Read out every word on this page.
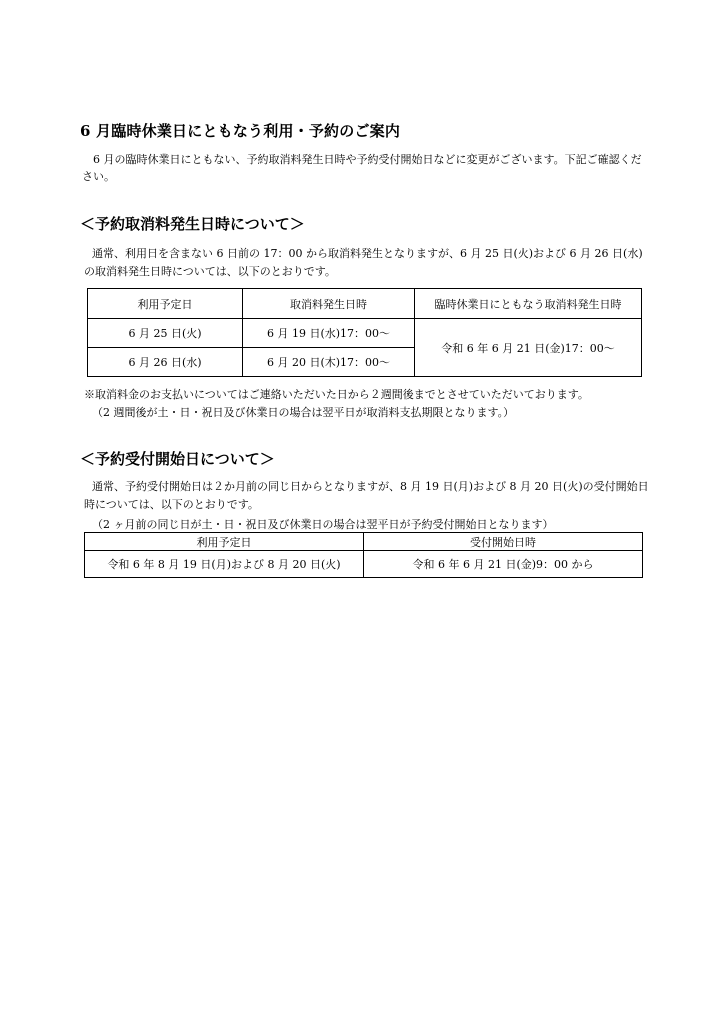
6 月臨時休業日にともなう利用・予約のご案内
6 月の臨時休業日にともない、予約取消料発生日時や予約受付開始日などに変更がございます。下記ご確認ください。
＜予約取消料発生日時について＞
通常、利用日を含まない 6 日前の 17：00 から取消料発生となりますが、6 月 25 日(火)および 6 月 26 日(水)の取消料発生日時については、以下のとおりです。
利用予定日	取消料発生日時	臨時休業日にともなう取消料発生日時
6 月 25 日(火)	6 月 19 日(水)17：00～	令和 6 年 6 月 21 日(金)17：00～
6 月 26 日(水)	6 月 20 日(木)17：00～	
※取消料金のお支払いについてはご連絡いただいた日から２週間後までとさせていただいております。
（2 週間後が土・日・祝日及び休業日の場合は翌平日が取消料支払期限となります。）
＜予約受付開始日について＞
通常、予約受付開始日は２か月前の同じ日からとなりますが、8 月 19 日(月)および 8 月 20 日(火)の受付開始日時については、以下のとおりです。
（2 ヶ月前の同じ日が土・日・祝日及び休業日の場合は翌平日が予約受付開始日となります）
利用予定日	受付開始日時
令和 6 年 8 月 19 日(月)および 8 月 20 日(火)	令和 6 年 6 月 21 日(金)9：00 から
